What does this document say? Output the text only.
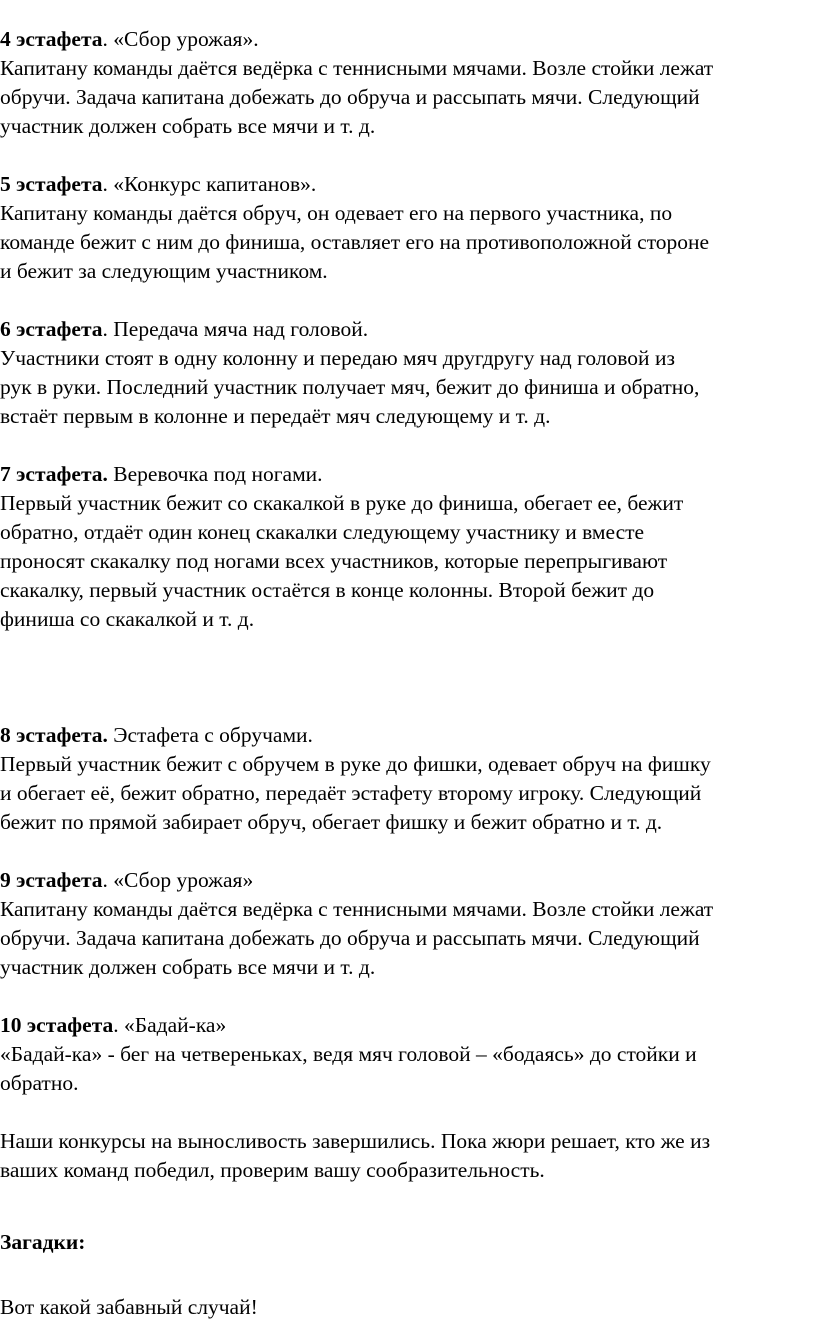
4 эстафета. «Сбор урожая».

Капитану команды даётся ведёрка с теннисными мячами. Возле стойки лежат

обручи. Задача капитана добежать до обруча и рассыпать мячи. Следующий

участник должен собрать все мячи и т. д.

5 эстафета. «Конкурс капитанов».

Капитану команды даётся обруч, он одевает его на первого участника, по

команде бежит с ним до финиша, оставляет его на противоположной стороне

и бежит за следующим участником.

6 эстафета. Передача мяча над головой.

Участники стоят в одну колонну и передаю мяч другдругу над головой из

рук в руки. Последний участник получает мяч, бежит до финиша и обратно,

встаёт первым в колонне и передаёт мяч следующему и т. д.

7 эстафета. Веревочка под ногами.

Первый участник бежит со скакалкой в руке до финиша, обегает ее, бежит

обратно, отдаёт один конец скакалки следующему участнику и вместе

проносят скакалку под ногами всех участников, которые перепрыгивают

скакалку, первый участник остаётся в конце колонны. Второй бежит до

финиша со скакалкой и т. д.

8 эстафета. Эстафета с обручами.

Первый участник бежит с обручем в руке до фишки, одевает обруч на фишку

и обегает её, бежит обратно, передаёт эстафету второму игроку. Следующий

бежит по прямой забирает обруч, обегает фишку и бежит обратно и т. д.

9 эстафета. «Сбор урожая»

Капитану команды даётся ведёрка с теннисными мячами. Возле стойки лежат

обручи. Задача капитана добежать до обруча и рассыпать мячи. Следующий

участник должен собрать все мячи и т. д.

10 эстафета. «Бадай-ка»

«Бадай-ка» - бег на четвереньках, ведя мяч головой – «бодаясь» до стойки и

обратно.

Наши конкурсы на выносливость завершились. Пока жюри решает, кто же из

ваших команд победил, проверим вашу сообразительность.

Загадки:

Вот какой забавный случай!
